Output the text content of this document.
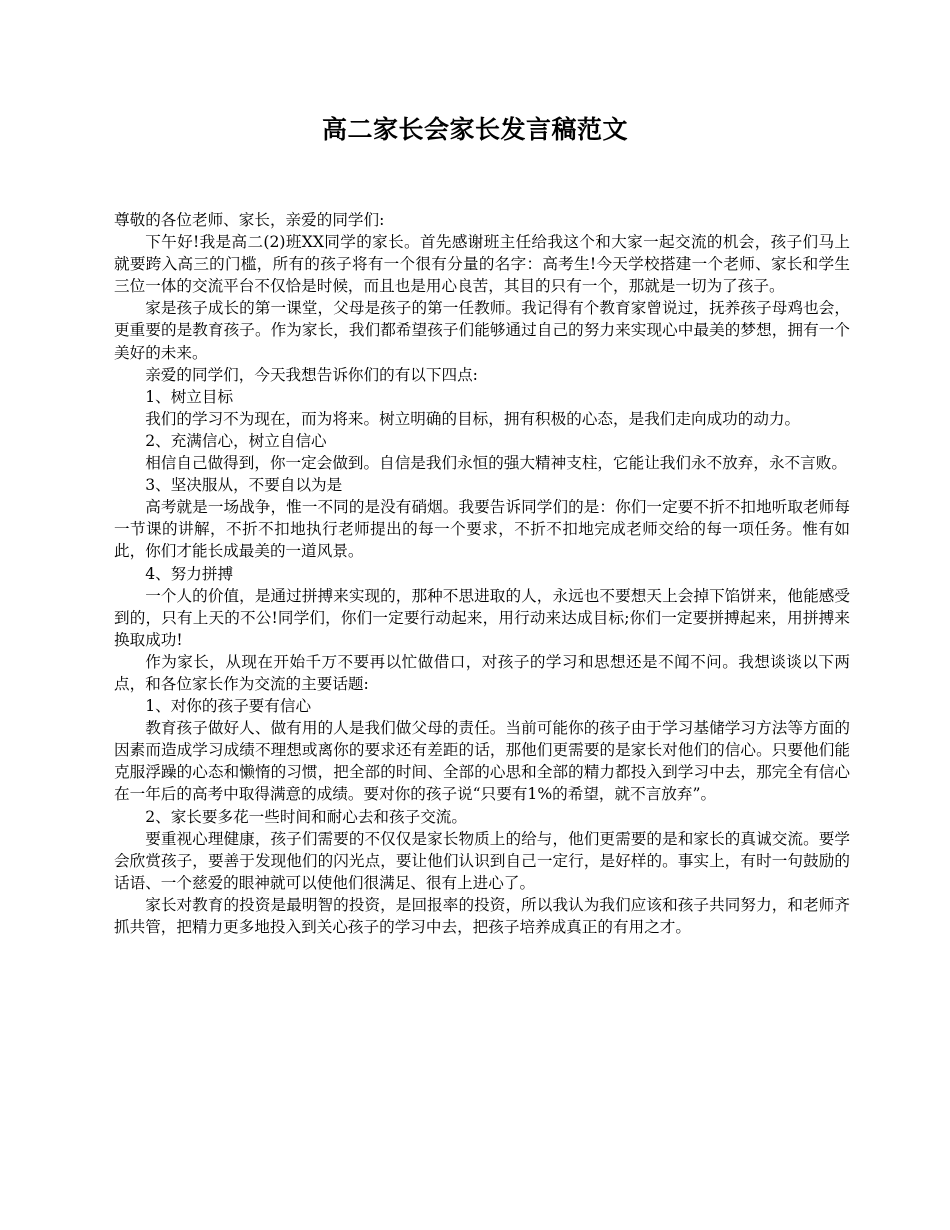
高二家长会家长发言稿范文

尊敬的各位老师、家长，亲爱的同学们:

下午好!我是高二(2)班XX同学的家长。首先感谢班主任给我这个和大家一起交流的机会，孩子们马上就要跨入高三的门槛，所有的孩子将有一个很有分量的名字：高考生!今天学校搭建一个老师、家长和学生三位一体的交流平台不仅恰是时候，而且也是用心良苦，其目的只有一个，那就是一切为了孩子。

家是孩子成长的第一课堂，父母是孩子的第一任教师。我记得有个教育家曾说过，抚养孩子母鸡也会，更重要的是教育孩子。作为家长，我们都希望孩子们能够通过自己的努力来实现心中最美的梦想，拥有一个美好的未来。

亲爱的同学们，今天我想告诉你们的有以下四点:

1、树立目标

我们的学习不为现在，而为将来。树立明确的目标，拥有积极的心态，是我们走向成功的动力。

2、充满信心，树立自信心

相信自己做得到，你一定会做到。自信是我们永恒的强大精神支柱，它能让我们永不放弃，永不言败。

3、坚决服从，不要自以为是

高考就是一场战争，惟一不同的是没有硝烟。我要告诉同学们的是：你们一定要不折不扣地听取老师每一节课的讲解，不折不扣地执行老师提出的每一个要求，不折不扣地完成老师交给的每一项任务。惟有如此，你们才能长成最美的一道风景。

4、努力拼搏

一个人的价值，是通过拼搏来实现的，那种不思进取的人，永远也不要想天上会掉下馅饼来，他能感受到的，只有上天的不公!同学们，你们一定要行动起来，用行动来达成目标;你们一定要拼搏起来，用拼搏来换取成功!

作为家长，从现在开始千万不要再以忙做借口，对孩子的学习和思想还是不闻不问。我想谈谈以下两点，和各位家长作为交流的主要话题:

1、对你的孩子要有信心

教育孩子做好人、做有用的人是我们做父母的责任。当前可能你的孩子由于学习基储学习方法等方面的因素而造成学习成绩不理想或离你的要求还有差距的话，那他们更需要的是家长对他们的信心。只要他们能克服浮躁的心态和懒惰的习惯，把全部的时间、全部的心思和全部的精力都投入到学习中去，那完全有信心在一年后的高考中取得满意的成绩。要对你的孩子说“只要有1%的希望，就不言放弃”。

2、家长要多花一些时间和耐心去和孩子交流。

要重视心理健康，孩子们需要的不仅仅是家长物质上的给与，他们更需要的是和家长的真诚交流。要学会欣赏孩子，要善于发现他们的闪光点，要让他们认识到自己一定行，是好样的。事实上，有时一句鼓励的话语、一个慈爱的眼神就可以使他们很满足、很有上进心了。

家长对教育的投资是最明智的投资，是回报率的投资，所以我认为我们应该和孩子共同努力，和老师齐抓共管，把精力更多地投入到关心孩子的学习中去，把孩子培养成真正的有用之才。
